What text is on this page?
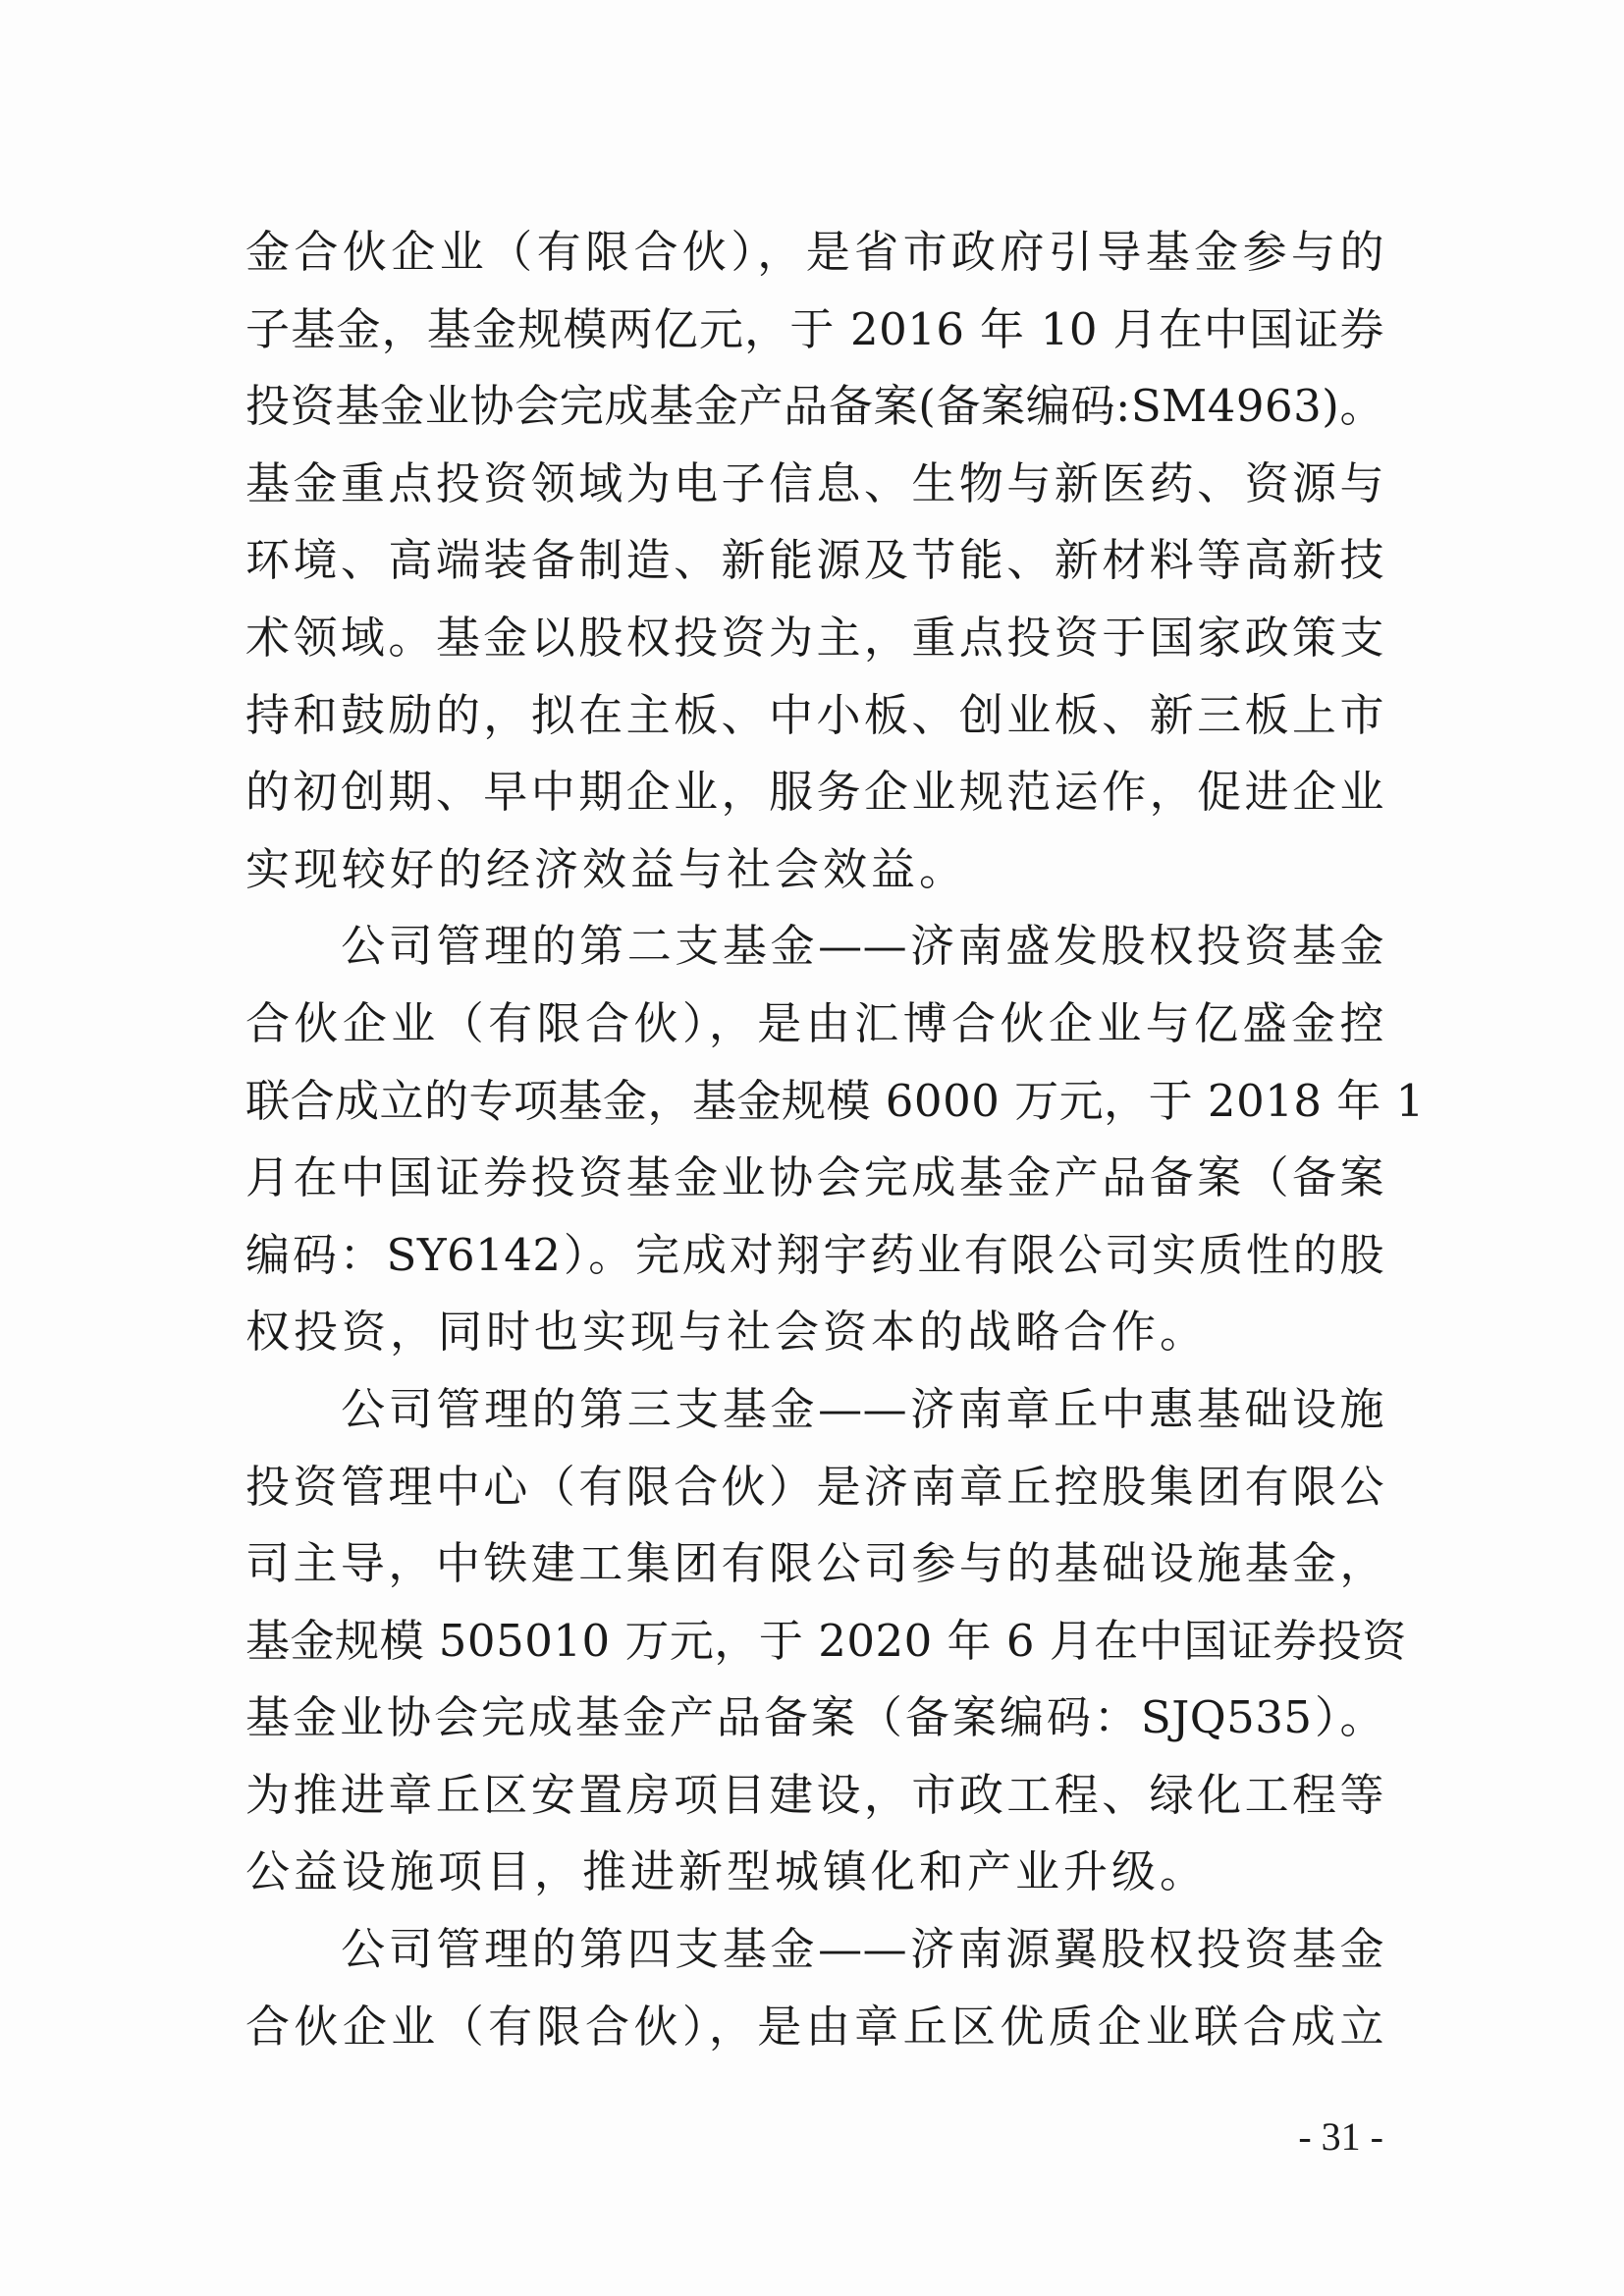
金合伙企业（有限合伙），是省市政府引导基金参与的
子基金，基金规模两亿元，于 2016 年 10 月在中国证券
投资基金业协会完成基金产品备案(备案编码:SM4963)。
基金重点投资领域为电子信息、生物与新医药、资源与
环境、高端装备制造、新能源及节能、新材料等高新技
术领域。基金以股权投资为主，重点投资于国家政策支
持和鼓励的，拟在主板、中小板、创业板、新三板上市
的初创期、早中期企业，服务企业规范运作，促进企业
实现较好的经济效益与社会效益。
　　公司管理的第二支基金——济南盛发股权投资基金
合伙企业（有限合伙），是由汇博合伙企业与亿盛金控
联合成立的专项基金，基金规模 6000 万元，于 2018 年 1
月在中国证券投资基金业协会完成基金产品备案（备案
编码：SY6142）。完成对翔宇药业有限公司实质性的股
权投资，同时也实现与社会资本的战略合作。
　　公司管理的第三支基金——济南章丘中惠基础设施
投资管理中心（有限合伙）是济南章丘控股集团有限公
司主导，中铁建工集团有限公司参与的基础设施基金，
基金规模 505010 万元，于 2020 年 6 月在中国证券投资
基金业协会完成基金产品备案（备案编码：SJQ535）。
为推进章丘区安置房项目建设，市政工程、绿化工程等
公益设施项目，推进新型城镇化和产业升级。
　　公司管理的第四支基金——济南源翼股权投资基金
合伙企业（有限合伙），是由章丘区优质企业联合成立
- 31 -
